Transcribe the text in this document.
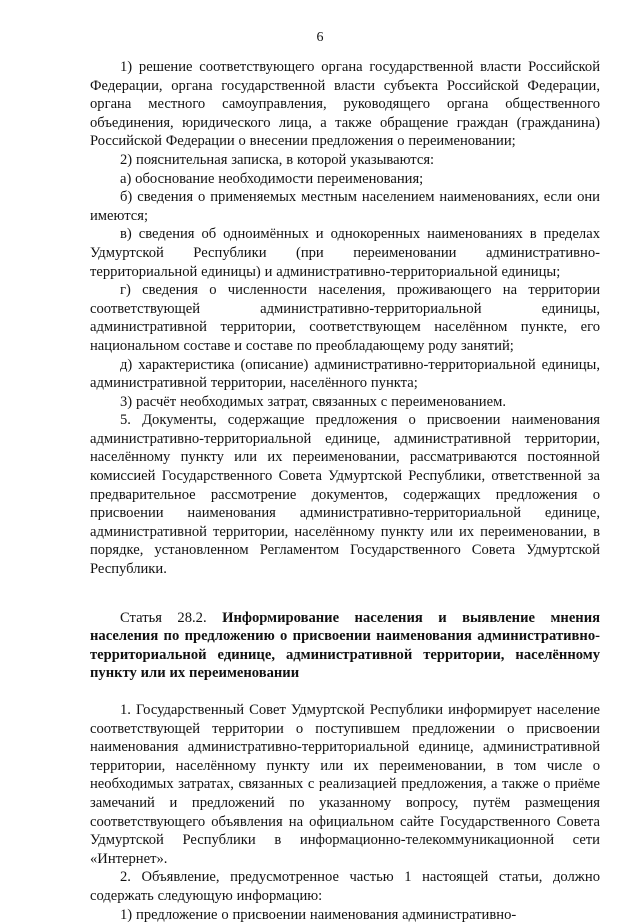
6

1) решение соответствующего органа государственной власти Российской Федерации, органа государственной власти субъекта Российской Федерации, органа местного самоуправления, руководящего органа общественного объединения, юридического лица, а также обращение граждан (гражданина) Российской Федерации о внесении предложения о переименовании;

2) пояснительная записка, в которой указываются:

а) обоснование необходимости переименования;

б) сведения о применяемых местным населением наименованиях, если они имеются;

в) сведения об одноимённых и однокоренных наименованиях в пределах Удмуртской Республики (при переименовании административно-территориальной единицы) и административно-территориальной единицы;

г) сведения о численности населения, проживающего на территории соответствующей административно-территориальной единицы, административной территории, соответствующем населённом пункте, его национальном составе и составе по преобладающему роду занятий;

д) характеристика (описание) административно-территориальной единицы, административной территории, населённого пункта;

3) расчёт необходимых затрат, связанных с переименованием.

5. Документы, содержащие предложения о присвоении наименования административно-территориальной единице, административной территории, населённому пункту или их переименовании, рассматриваются постоянной комиссией Государственного Совета Удмуртской Республики, ответственной за предварительное рассмотрение документов, содержащих предложения о присвоении наименования административно-территориальной единице, административной территории, населённому пункту или их переименовании, в порядке, установленном Регламентом Государственного Совета Удмуртской Республики.

Статья 28.2. Информирование населения и выявление мнения населения по предложению о присвоении наименования административно-территориальной единице, административной территории, населённому пункту или их переименовании

1. Государственный Совет Удмуртской Республики информирует население соответствующей территории о поступившем предложении о присвоении наименования административно-территориальной единице, административной территории, населённому пункту или их переименовании, в том числе о необходимых затратах, связанных с реализацией предложения, а также о приёме замечаний и предложений по указанному вопросу, путём размещения соответствующего объявления на официальном сайте Государственного Совета Удмуртской Республики в информационно-телекоммуникационной сети «Интернет».

2. Объявление, предусмотренное частью 1 настоящей статьи, должно содержать следующую информацию:

1) предложение о присвоении наименования административно-
